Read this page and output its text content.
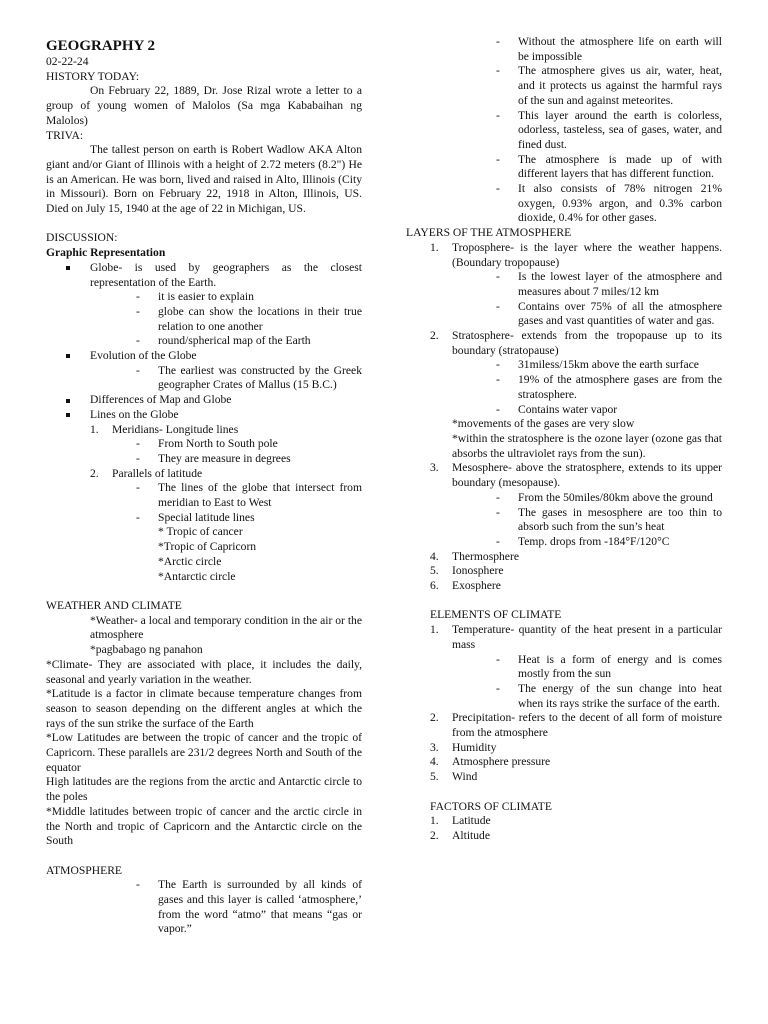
GEOGRAPHY 2
02-22-24
HISTORY TODAY:
On February 22, 1889, Dr. Jose Rizal wrote a letter to a group of young women of Malolos (Sa mga Kababaihan ng Malolos)
TRIVA:
The tallest person on earth is Robert Wadlow AKA Alton giant and/or Giant of Illinois with a height of 2.72 meters (8.2") He is an American. He was born, lived and raised in Alto, Illinois (City in Missouri). Born on February 22, 1918 in Alton, Illinois, US. Died on July 15, 1940 at the age of 22 in Michigan, US.
DISCUSSION:
Graphic Representation
Globe- is used by geographers as the closest representation of the Earth.
-	it is easier to explain
-	globe can show the locations in their true relation to one another
-	round/spherical map of the Earth
Evolution of the Globe
-	The earliest was constructed by the Greek geographer Crates of Mallus (15 B.C.)
Differences of Map and Globe
Lines on the Globe
1.	Meridians- Longitude lines
-	From North to South pole
-	They are measure in degrees
2.	Parallels of latitude
-	The lines of the globe that intersect from meridian to East to West
-	Special latitude lines
* Tropic of cancer
*Tropic of Capricorn
*Arctic circle
*Antarctic circle
WEATHER AND CLIMATE
*Weather- a local and temporary condition in the air or the atmosphere
*pagbabago ng panahon
*Climate- They are associated with place, it includes the daily, seasonal and yearly variation in the weather.
*Latitude is a factor in climate because temperature changes from season to season depending on the different angles at which the rays of the sun strike the surface of the Earth
*Low Latitudes are between the tropic of cancer and the tropic of Capricorn. These parallels are 231/2 degrees North and South of the equator
High latitudes are the regions from the arctic and Antarctic circle to the poles
*Middle latitudes between tropic of cancer and the arctic circle in the North and tropic of Capricorn and the Antarctic circle on the South
ATMOSPHERE
-	The Earth is surrounded by all kinds of gases and this layer is called ‘atmosphere,’ from the word “atmo” that means “gas or vapor.”
-	Without the atmosphere life on earth will be impossible
-	The atmosphere gives us air, water, heat, and it protects us against the harmful rays of the sun and against meteorites.
-	This layer around the earth is colorless, odorless, tasteless, sea of gases, water, and fined dust.
-	The atmosphere is made up of with different layers that has different function.
-	It also consists of 78% nitrogen 21% oxygen, 0.93% argon, and 0.3% carbon dioxide, 0.4% for other gases.
LAYERS OF THE ATMOSPHERE
1.	Troposphere- is the layer where the weather happens. (Boundary tropopause)
-	Is the lowest layer of the atmosphere and measures about 7 miles/12 km
-	Contains over 75% of all the atmosphere gases and vast quantities of water and gas.
2.	Stratosphere- extends from the tropopause up to its boundary (stratopause)
-	31miless/15km above the earth surface
-	19% of the atmosphere gases are from the stratosphere.
-	Contains water vapor
*movements of the gases are very slow
*within the stratosphere is the ozone layer (ozone gas that absorbs the ultraviolet rays from the sun).
3.	Mesosphere- above the stratosphere, extends to its upper boundary (mesopause).
-	From the 50miles/80km above the ground
-	The gases in mesosphere are too thin to absorb such from the sun’s heat
-	Temp. drops from -184°F/120°C
4.	Thermosphere
5.	Ionosphere
6.	Exosphere
ELEMENTS OF CLIMATE
1.	Temperature- quantity of the heat present in a particular mass
-	Heat is a form of energy and is comes mostly from the sun
-	The energy of the sun change into heat when its rays strike the surface of the earth.
2.	Precipitation- refers to the decent of all form of moisture from the atmosphere
3.	Humidity
4.	Atmosphere pressure
5.	Wind
FACTORS OF CLIMATE
1.	Latitude
2.	Altitude
